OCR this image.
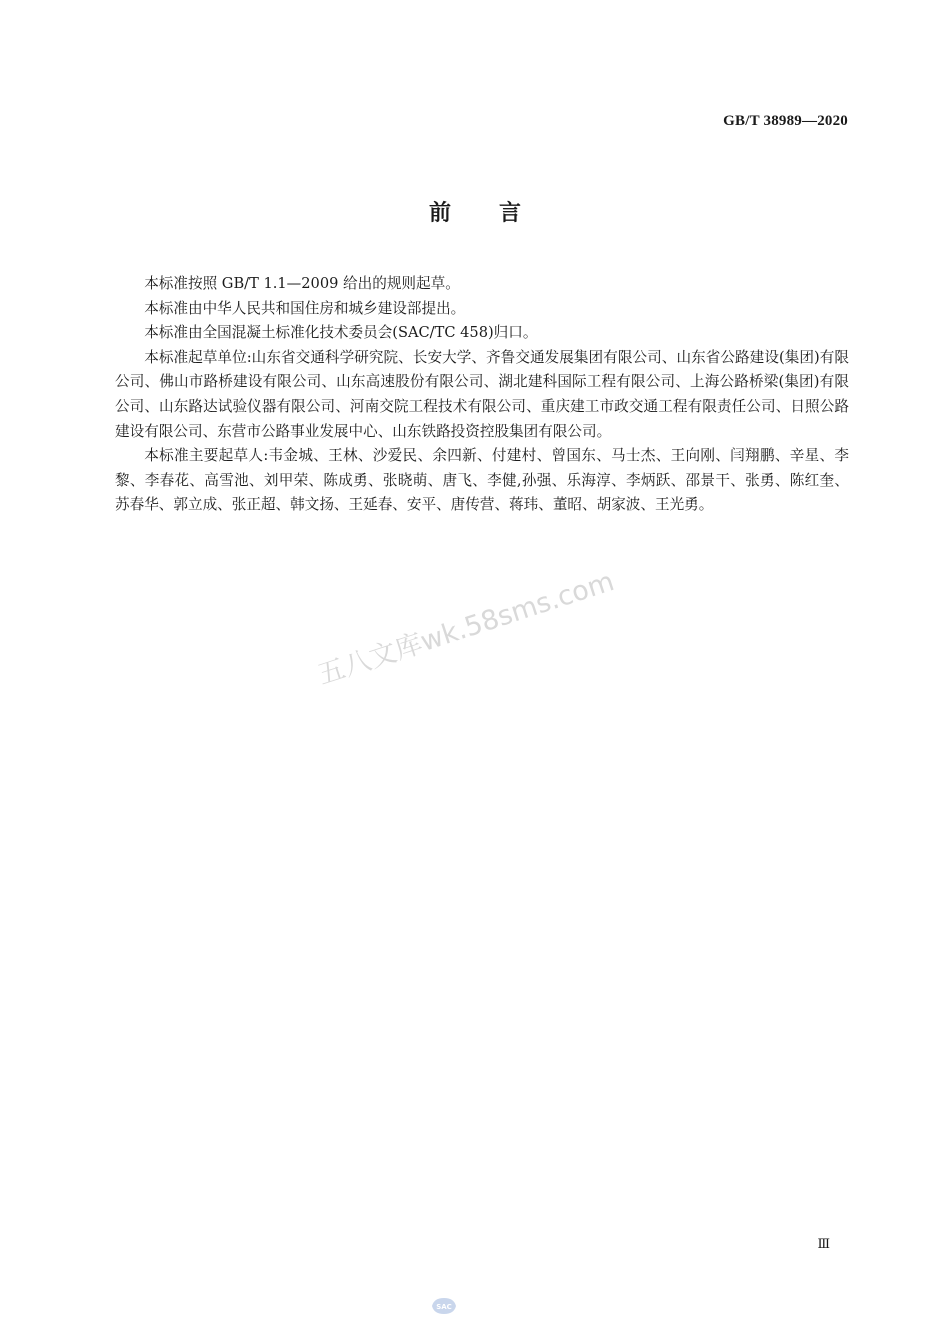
GB/T 38989—2020
前 言

本标准按照 GB/T 1.1—2009 给出的规则起草。

本标准由中华人民共和国住房和城乡建设部提出。

本标准由全国混凝土标准化技术委员会(SAC/TC 458)归口。

本标准起草单位:山东省交通科学研究院、长安大学、齐鲁交通发展集团有限公司、山东省公路建设(集团)有限公司、佛山市路桥建设有限公司、山东高速股份有限公司、湖北建科国际工程有限公司、上海公路桥梁(集团)有限公司、山东路达试验仪器有限公司、河南交院工程技术有限公司、重庆建工市政交通工程有限责任公司、日照公路建设有限公司、东营市公路事业发展中心、山东铁路投资控股集团有限公司。

本标准主要起草人:韦金城、王林、沙爱民、余四新、付建村、曾国东、马士杰、王向刚、闫翔鹏、辛星、李黎、李春花、高雪池、刘甲荣、陈成勇、张晓萌、唐飞、李健,孙强、乐海淳、李炳跃、邵景干、张勇、陈红奎、苏春华、郭立成、张正超、韩文扬、王延春、安平、唐传营、蒋玮、董昭、胡家波、王光勇。

五八文库wk.58sms.com
Ⅲ
SAC
